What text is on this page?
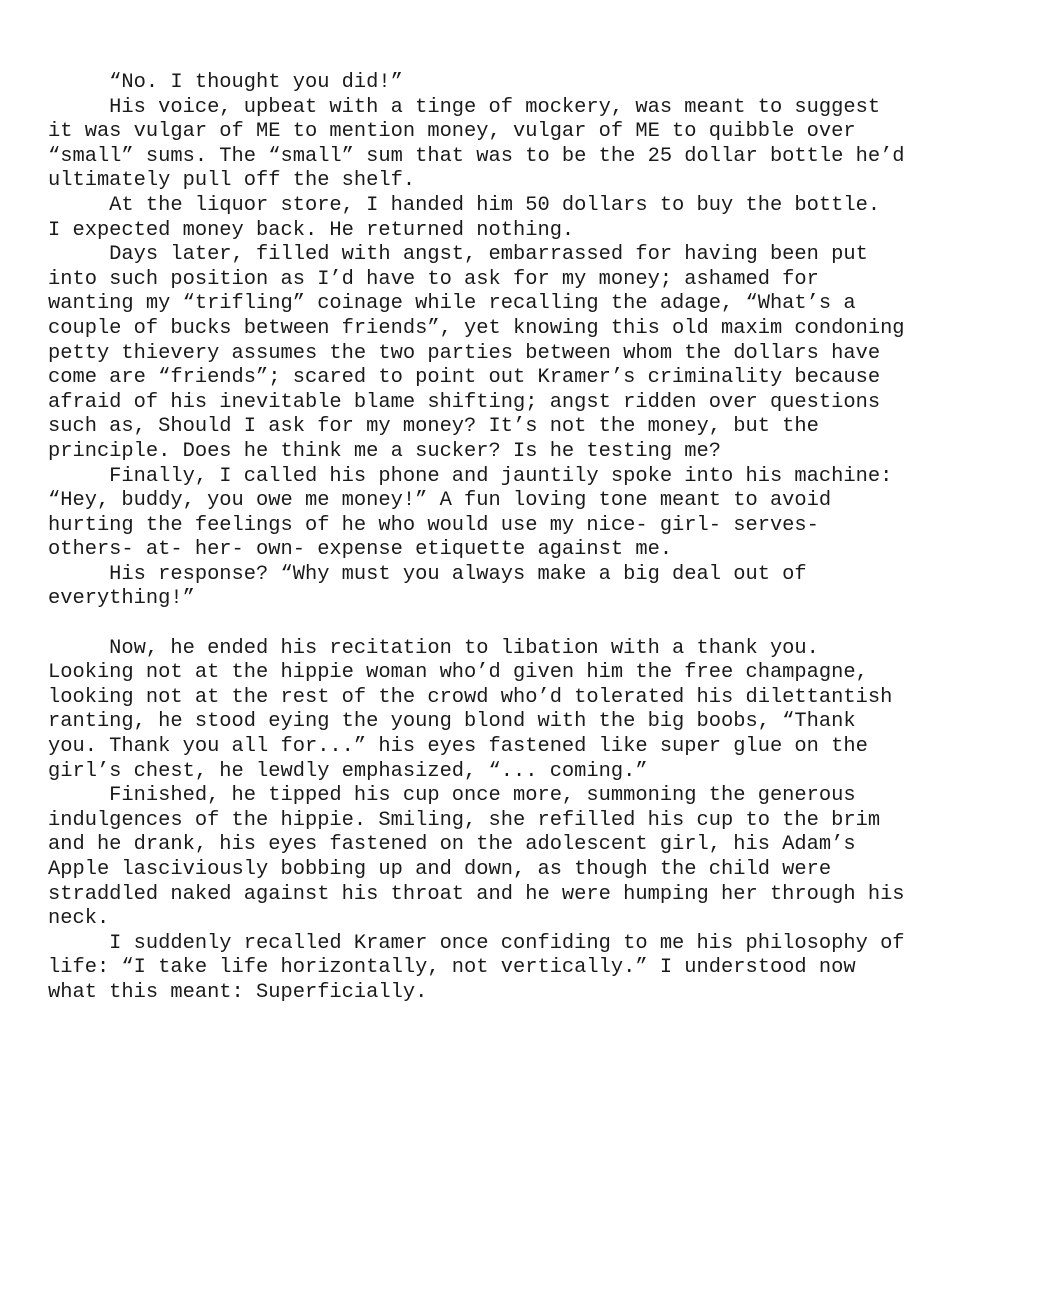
“No. I thought you did!”
His voice, upbeat with a tinge of mockery, was meant to suggest
it was vulgar of ME to mention money, vulgar of ME to quibble over
“small” sums. The “small” sum that was to be the 25 dollar bottle he’d
ultimately pull off the shelf.
At the liquor store, I handed him 50 dollars to buy the bottle.
I expected money back. He returned nothing.
Days later, filled with angst, embarrassed for having been put
into such position as I’d have to ask for my money; ashamed for
wanting my “trifling” coinage while recalling the adage, “What’s a
couple of bucks between friends”, yet knowing this old maxim condoning
petty thievery assumes the two parties between whom the dollars have
come are “friends”; scared to point out Kramer’s criminality because
afraid of his inevitable blame shifting; angst ridden over questions
such as, Should I ask for my money? It’s not the money, but the
principle. Does he think me a sucker? Is he testing me?
Finally, I called his phone and jauntily spoke into his machine:
“Hey, buddy, you owe me money!” A fun loving tone meant to avoid
hurting the feelings of he who would use my nice- girl- serves-
others- at- her- own- expense etiquette against me.
His response? “Why must you always make a big deal out of
everything!”
Now, he ended his recitation to libation with a thank you.
Looking not at the hippie woman who’d given him the free champagne,
looking not at the rest of the crowd who’d tolerated his dilettantish
ranting, he stood eying the young blond with the big boobs, “Thank
you. Thank you all for...” his eyes fastened like super glue on the
girl’s chest, he lewdly emphasized, “... coming.”
Finished, he tipped his cup once more, summoning the generous
indulgences of the hippie. Smiling, she refilled his cup to the brim
and he drank, his eyes fastened on the adolescent girl, his Adam’s
Apple lasciviously bobbing up and down, as though the child were
straddled naked against his throat and he were humping her through his
neck.
I suddenly recalled Kramer once confiding to me his philosophy of
life: “I take life horizontally, not vertically.” I understood now
what this meant: Superficially.
